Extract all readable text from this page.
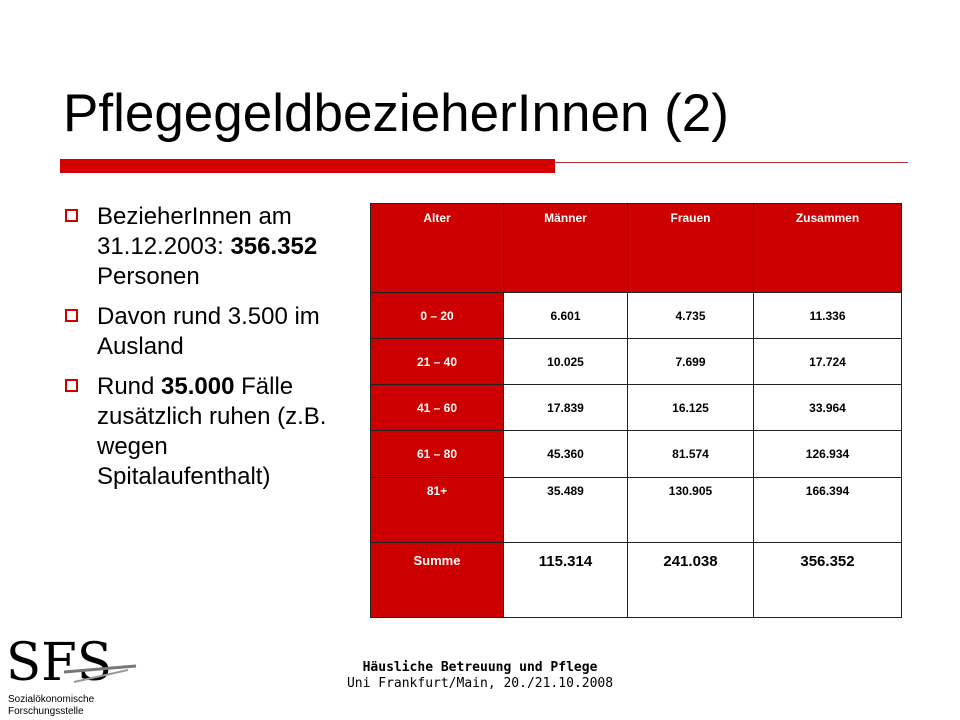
PflegegeldbezieherInnen (2)
BezieherInnen am 31.12.2003: 356.352 Personen
Davon rund 3.500 im Ausland
Rund 35.000 Fälle zusätzlich ruhen (z.B. wegen Spitalaufenthalt)
Alter	Männer	Frauen	Zusammen
0 – 20	6.601	4.735	11.336
21 – 40	10.025	7.699	17.724
41 – 60	17.839	16.125	33.964
61 – 80	45.360	81.574	126.934
81+	35.489	130.905	166.394
Summe	115.314	241.038	356.352
SFS
Sozialökonomische
Forschungsstelle
Häusliche Betreuung und Pflege
Uni Frankfurt/Main, 20./21.10.2008
